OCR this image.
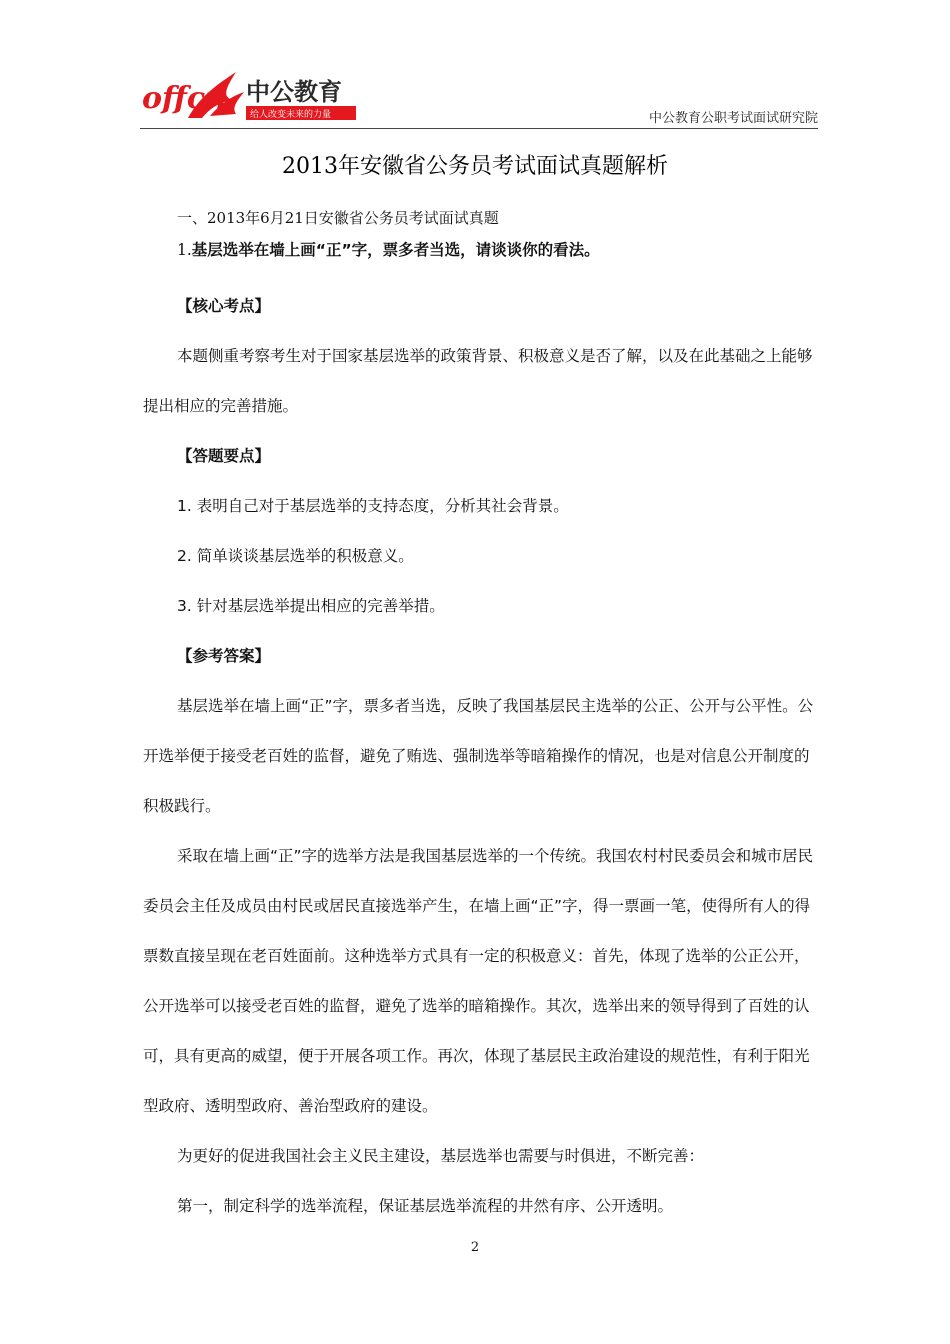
offcn 中公教育
给人改变未来的力量	中公教育公职考试面试研究院
2013年安徽省公务员考试面试真题解析

一、2013年6月21日安徽省公务员考试面试真题

1.基层选举在墙上画“正”字，票多者当选，请谈谈你的看法。

【核心考点】

本题侧重考察考生对于国家基层选举的政策背景、积极意义是否了解，以及在此基础之上能够提出相应的完善措施。

【答题要点】

1. 表明自己对于基层选举的支持态度，分析其社会背景。

2. 简单谈谈基层选举的积极意义。

3. 针对基层选举提出相应的完善举措。

【参考答案】

基层选举在墙上画“正”字，票多者当选，反映了我国基层民主选举的公正、公开与公平性。公开选举便于接受老百姓的监督，避免了贿选、强制选举等暗箱操作的情况，也是对信息公开制度的积极践行。

采取在墙上画“正”字的选举方法是我国基层选举的一个传统。我国农村村民委员会和城市居民委员会主任及成员由村民或居民直接选举产生，在墙上画“正”字，得一票画一笔，使得所有人的得票数直接呈现在老百姓面前。这种选举方式具有一定的积极意义：首先，体现了选举的公正公开，公开选举可以接受老百姓的监督，避免了选举的暗箱操作。其次，选举出来的领导得到了百姓的认可，具有更高的威望，便于开展各项工作。再次，体现了基层民主政治建设的规范性，有利于阳光型政府、透明型政府、善治型政府的建设。

为更好的促进我国社会主义民主建设，基层选举也需要与时俱进，不断完善：

第一，制定科学的选举流程，保证基层选举流程的井然有序、公开透明。

2
